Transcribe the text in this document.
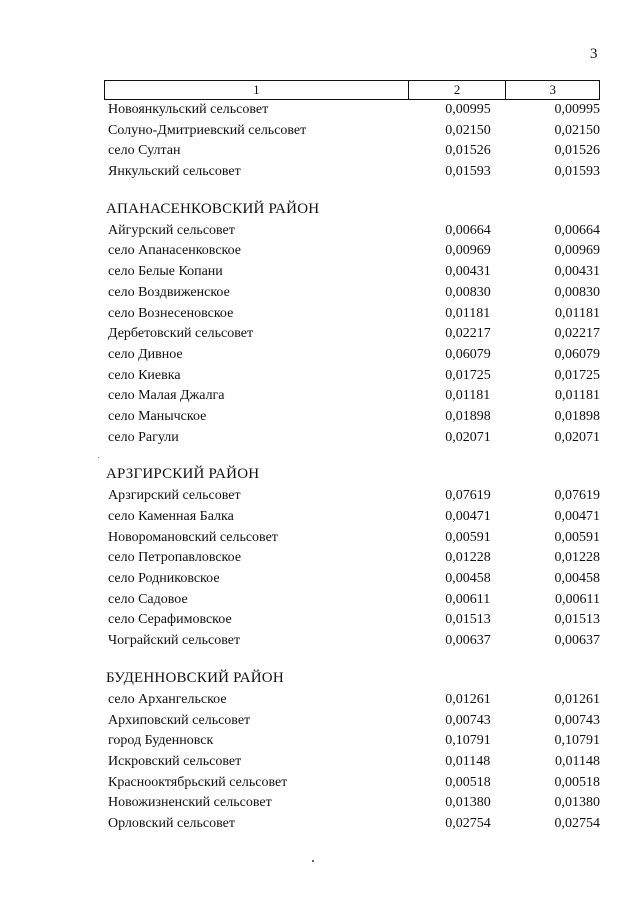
3
1	2	3
Новоянкульский сельсовет	0,00995	0,00995
Солуно-Дмитриевский сельсовет	0,02150	0,02150
село Султан	0,01526	0,01526
Янкульский сельсовет	0,01593	0,01593
АПАНАСЕНКОВСКИЙ РАЙОН
Айгурский сельсовет	0,00664	0,00664
село Апанасенковское	0,00969	0,00969
село Белые Копани	0,00431	0,00431
село Воздвиженское	0,00830	0,00830
село Вознесеновское	0,01181	0,01181
Дербетовский сельсовет	0,02217	0,02217
село Дивное	0,06079	0,06079
село Киевка	0,01725	0,01725
село Малая Джалга	0,01181	0,01181
село Манычское	0,01898	0,01898
село Рагули	0,02071	0,02071
АРЗГИРСКИЙ РАЙОН
Арзгирский сельсовет	0,07619	0,07619
село Каменная Балка	0,00471	0,00471
Новоромановский сельсовет	0,00591	0,00591
село Петропавловское	0,01228	0,01228
село Родниковское	0,00458	0,00458
село Садовое	0,00611	0,00611
село Серафимовское	0,01513	0,01513
Чограйский сельсовет	0,00637	0,00637
БУДЕННОВСКИЙ РАЙОН
село Архангельское	0,01261	0,01261
Архиповский сельсовет	0,00743	0,00743
город Буденновск	0,10791	0,10791
Искровский сельсовет	0,01148	0,01148
Краснооктябрьский сельсовет	0,00518	0,00518
Новожизненский сельсовет	0,01380	0,01380
Орловский сельсовет	0,02754	0,02754
